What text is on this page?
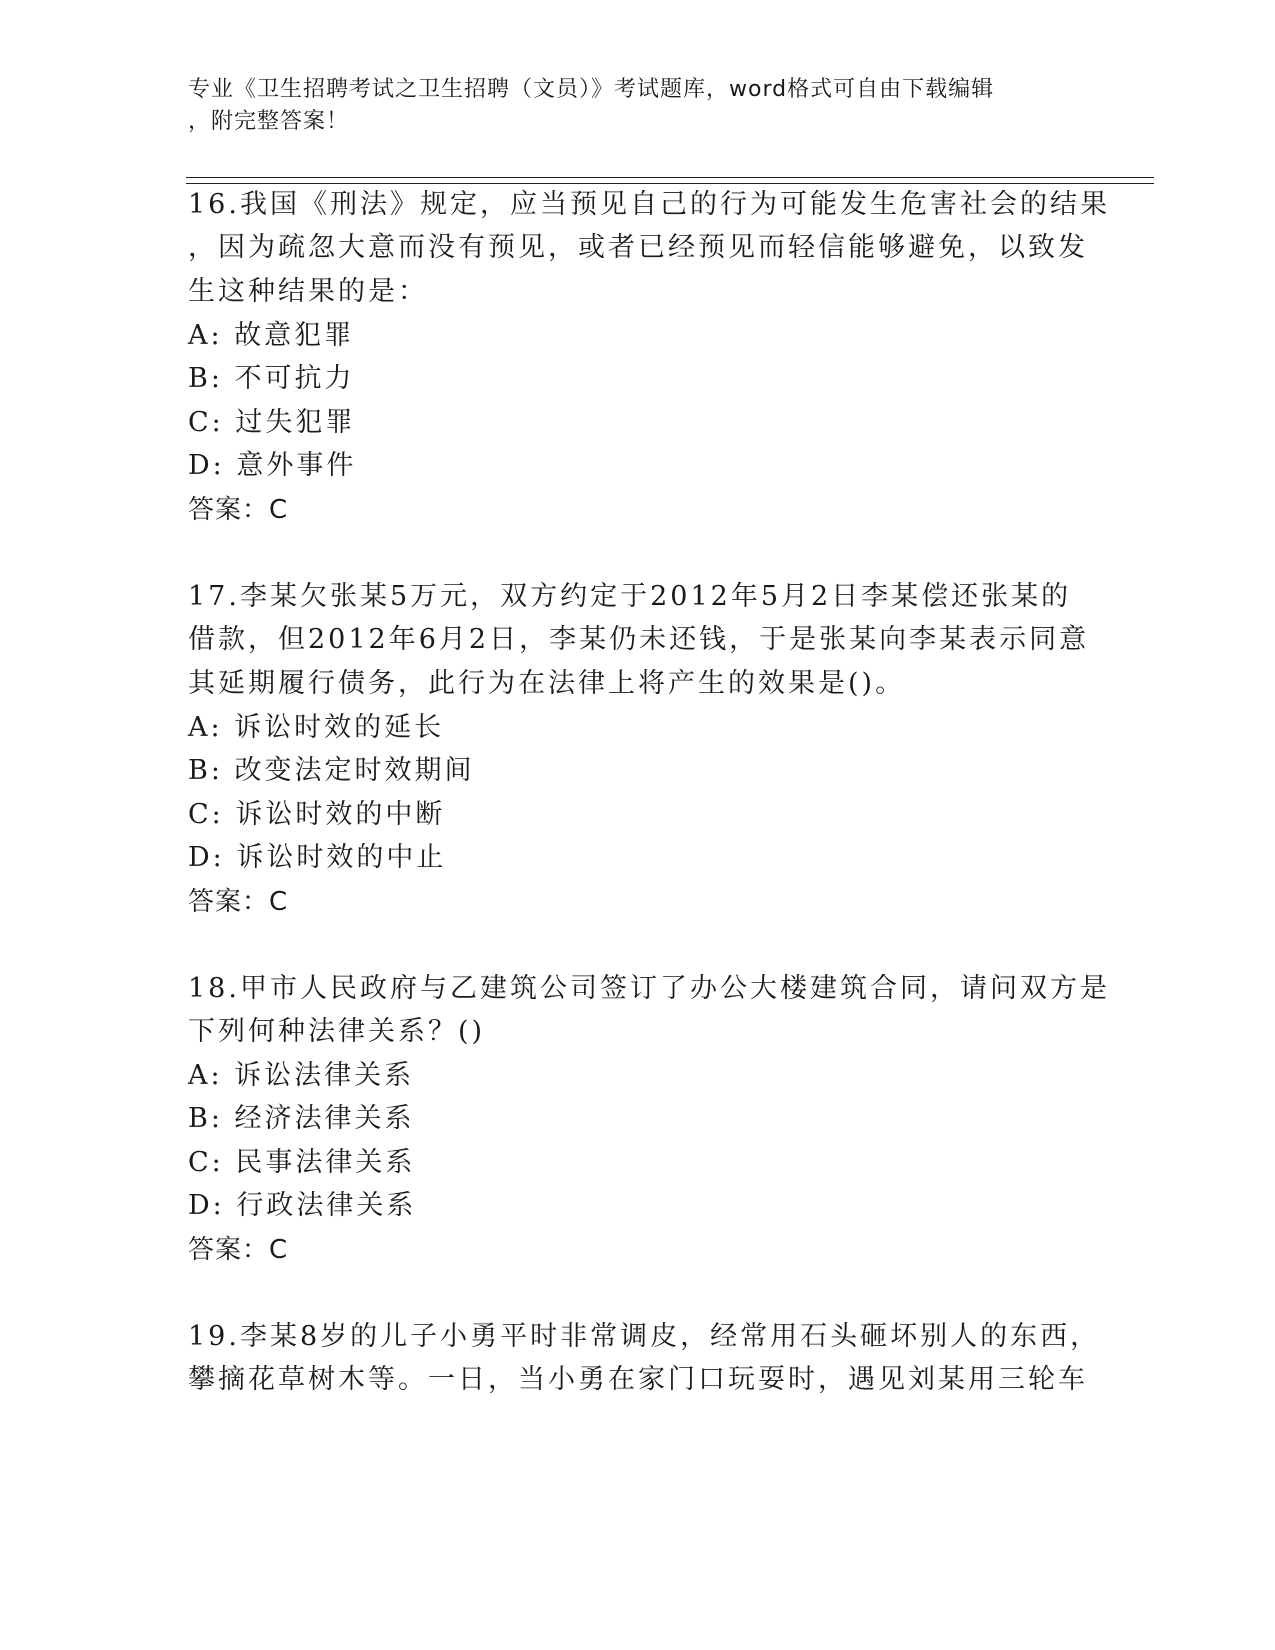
专业《卫生招聘考试之卫生招聘（文员）》考试题库，word格式可自由下载编辑
，附完整答案！
16.我国《刑法》规定，应当预见自己的行为可能发生危害社会的结果
，因为疏忽大意而没有预见，或者已经预见而轻信能够避免，以致发
生这种结果的是：
A: 故意犯罪
B: 不可抗力
C: 过失犯罪
D: 意外事件
答案：C
17.李某欠张某5万元，双方约定于2012年5月2日李某偿还张某的
借款，但2012年6月2日，李某仍未还钱，于是张某向李某表示同意
其延期履行债务，此行为在法律上将产生的效果是()。
A: 诉讼时效的延长
B: 改变法定时效期间
C: 诉讼时效的中断
D: 诉讼时效的中止
答案：C
18.甲市人民政府与乙建筑公司签订了办公大楼建筑合同，请问双方是
下列何种法律关系？()
A: 诉讼法律关系
B: 经济法律关系
C: 民事法律关系
D: 行政法律关系
答案：C
19.李某8岁的儿子小勇平时非常调皮，经常用石头砸坏别人的东西，
攀摘花草树木等。一日，当小勇在家门口玩耍时，遇见刘某用三轮车
